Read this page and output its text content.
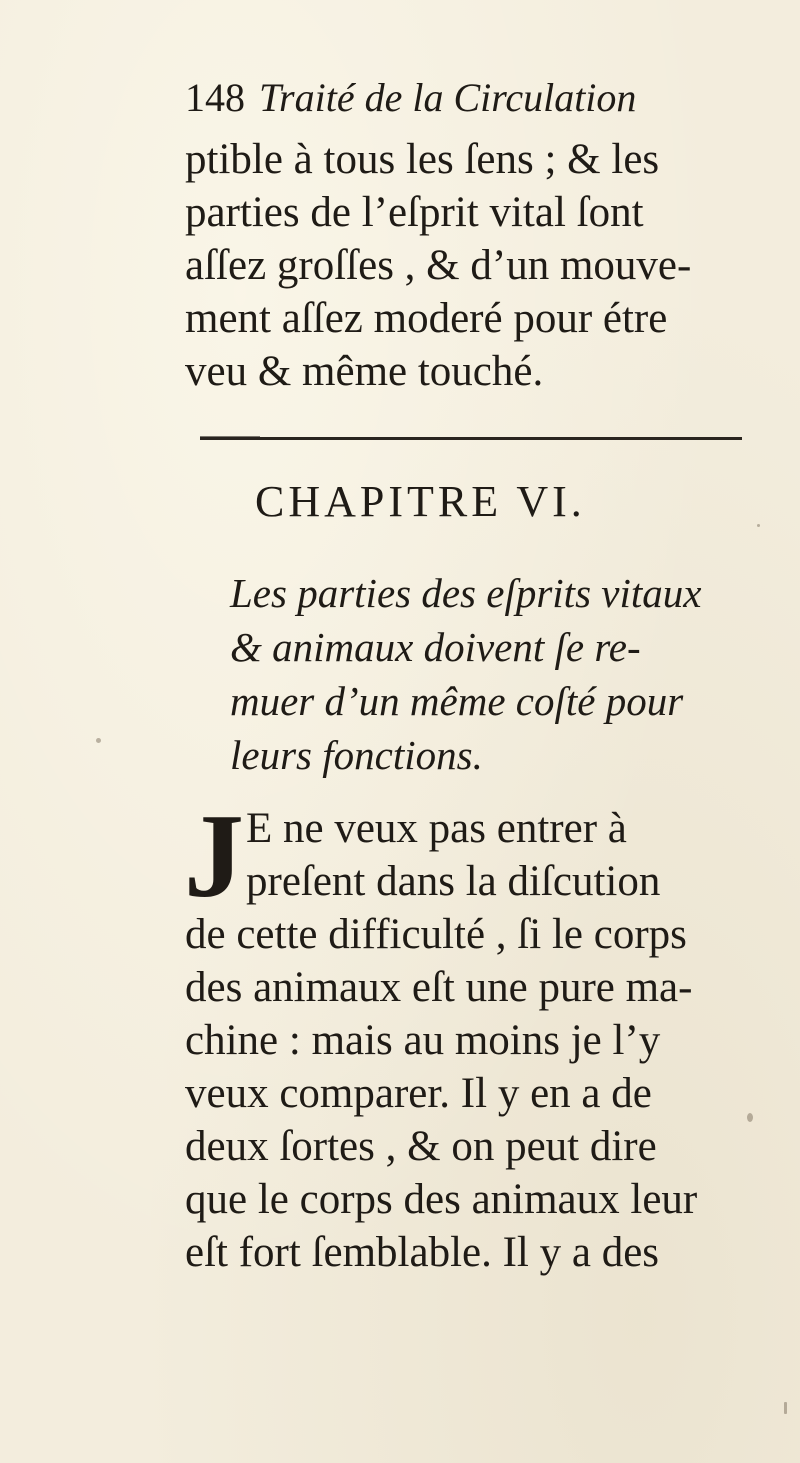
148 Traité de la Circulation
ptible à tous les ſens ; & les
parties de l’eſprit vital ſont
aſſez groſſes , & d’un mouve-
ment aſſez moderé pour étre
veu & même touché.
CHAPITRE VI.
Les parties des eſprits vitaux
& animaux doivent ſe re-
muer d’un même coſté pour
leurs fonctions.
J E ne veux pas entrer à
preſent dans la diſcution
de cette difficulté , ſi le corps
des animaux eſt une pure ma-
chine : mais au moins je l’y
veux comparer. Il y en a de
deux ſortes , & on peut dire
que le corps des animaux leur
eſt fort ſemblable. Il y a des
